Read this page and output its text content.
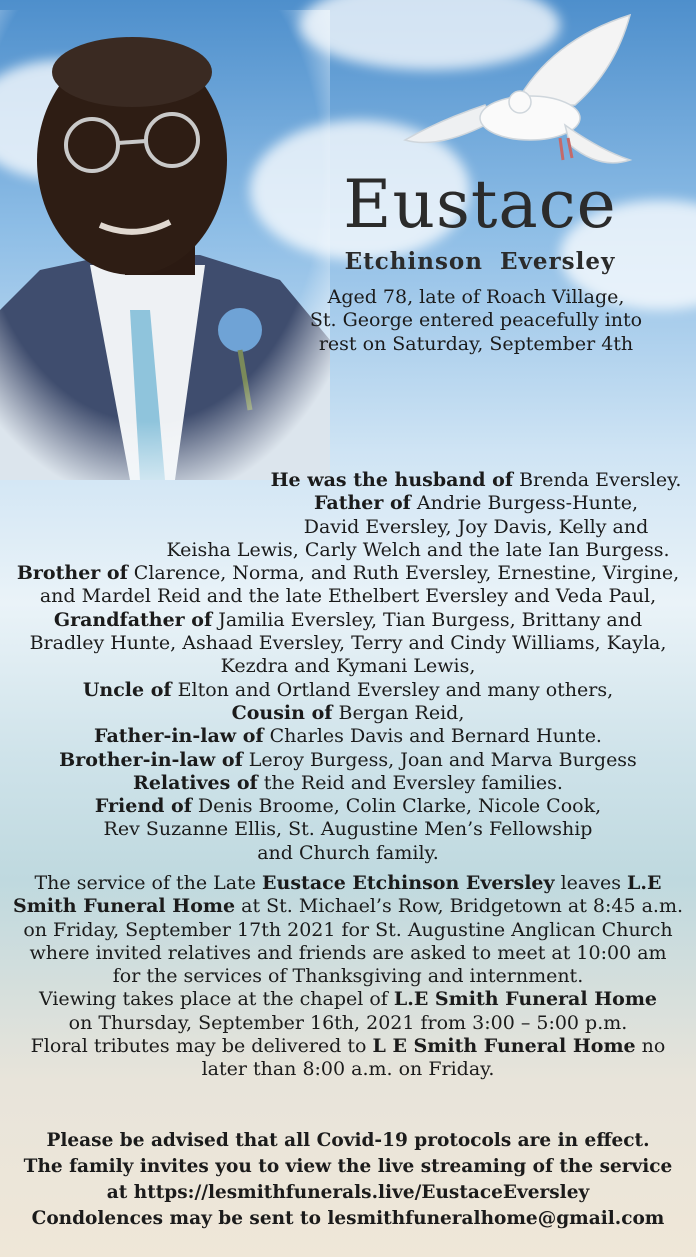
Eustace
Etchinson Eversley
Aged 78, late of Roach Village,
St. George entered peacefully into
rest on Saturday, September 4th
He was the husband of Brenda Eversley.
Father of Andrie Burgess-Hunte,
David Eversley, Joy Davis, Kelly and
Keisha Lewis, Carly Welch and the late Ian Burgess.
Brother of Clarence, Norma, and Ruth Eversley, Ernestine, Virgine,
and Mardel Reid and the late Ethelbert Eversley and Veda Paul,
Grandfather of Jamilia Eversley, Tian Burgess, Brittany and
Bradley Hunte, Ashaad Eversley, Terry and Cindy Williams, Kayla,
Kezdra and Kymani Lewis,
Uncle of Elton and Ortland Eversley and many others,
Cousin of Bergan Reid,
Father-in-law of Charles Davis and Bernard Hunte.
Brother-in-law of Leroy Burgess, Joan and Marva Burgess
Relatives of the Reid and Eversley families.
Friend of Denis Broome, Colin Clarke, Nicole Cook,
Rev Suzanne Ellis, St. Augustine Men’s Fellowship
and Church family.
The service of the Late Eustace Etchinson Eversley leaves L.E
Smith Funeral Home at St. Michael’s Row, Bridgetown at 8:45 a.m.
on Friday, September 17th 2021 for St. Augustine Anglican Church
where invited relatives and friends are asked to meet at 10:00 am
for the services of Thanksgiving and internment.
Viewing takes place at the chapel of L.E Smith Funeral Home
on Thursday, September 16th, 2021 from 3:00 – 5:00 p.m.
Floral tributes may be delivered to L E Smith Funeral Home no
later than 8:00 a.m. on Friday.
Please be advised that all Covid-19 protocols are in effect.
The family invites you to view the live streaming of the service
at https://lesmithfunerals.live/EustaceEversley
Condolences may be sent to lesmithfuneralhome@gmail.com
